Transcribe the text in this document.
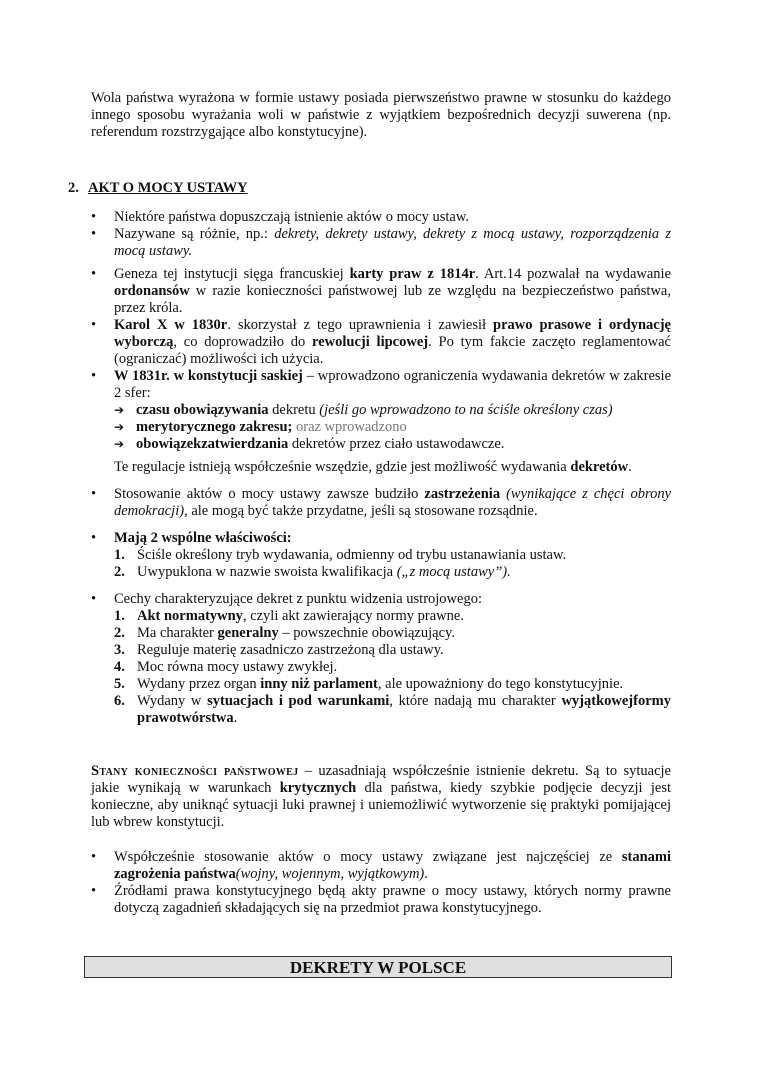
Wola państwa wyrażona w formie ustawy posiada pierwszeństwo prawne w stosunku do każdego innego sposobu wyrażania woli w państwie z wyjątkiem bezpośrednich decyzji suwerena (np. referendum rozstrzygające albo konstytucyjne).

2. AKT O MOCY USTAWY
• Niektóre państwa dopuszczają istnienie aktów o mocy ustaw.
• Nazywane są różnie, np.: dekrety, dekrety ustawy, dekrety z mocą ustawy, rozporządzenia z mocą ustawy.
• Geneza tej instytucji sięga francuskiej karty praw z 1814r. Art.14 pozwalał na wydawanie ordonansów w razie konieczności państwowej lub ze względu na bezpieczeństwo państwa, przez króla.
• Karol X w 1830r. skorzystał z tego uprawnienia i zawiesił prawo prasowe i ordynację wyborczą, co doprowadziło do rewolucji lipcowej. Po tym fakcie zaczęto reglamentować (ograniczać) możliwości ich użycia.
• W 1831r. w konstytucji saskiej – wprowadzono ograniczenia wydawania dekretów w zakresie 2 sfer:
➔ czasu obowiązywania dekretu (jeśli go wprowadzono to na ściśle określony czas)
➔ merytorycznego zakresu; oraz wprowadzono
➔ obowiązekzatwierdzania dekretów przez ciało ustawodawcze.
Te regulacje istnieją współcześnie wszędzie, gdzie jest możliwość wydawania dekretów.
• Stosowanie aktów o mocy ustawy zawsze budziło zastrzeżenia (wynikające z chęci obrony demokracji), ale mogą być także przydatne, jeśli są stosowane rozsądnie.
• Mają 2 wspólne właściwości:
1. Ściśle określony tryb wydawania, odmienny od trybu ustanawiania ustaw.
2. Uwypuklona w nazwie swoista kwalifikacja („z mocą ustawy”).
• Cechy charakteryzujące dekret z punktu widzenia ustrojowego:
1. Akt normatywny, czyli akt zawierający normy prawne.
2. Ma charakter generalny – powszechnie obowiązujący.
3. Reguluje materię zasadniczo zastrzeżoną dla ustawy.
4. Moc równa mocy ustawy zwykłej.
5. Wydany przez organ inny niż parlament, ale upoważniony do tego konstytucyjnie.
6. Wydany w sytuacjach i pod warunkami, które nadają mu charakter wyjątkowejformy prawotwórstwa.

Stany konieczności państwowej – uzasadniają współcześnie istnienie dekretu. Są to sytuacje jakie wynikają w warunkach krytycznych dla państwa, kiedy szybkie podjęcie decyzji jest konieczne, aby uniknąć sytuacji luki prawnej i uniemożliwić wytworzenie się praktyki pomijającej lub wbrew konstytucji.

• Współcześnie stosowanie aktów o mocy ustawy związane jest najczęściej ze stanami zagrożenia państwa(wojny, wojennym, wyjątkowym).
• Źródłami prawa konstytucyjnego będą akty prawne o mocy ustawy, których normy prawne dotyczą zagadnień składających się na przedmiot prawa konstytucyjnego.
DEKRETY W POLSCE
